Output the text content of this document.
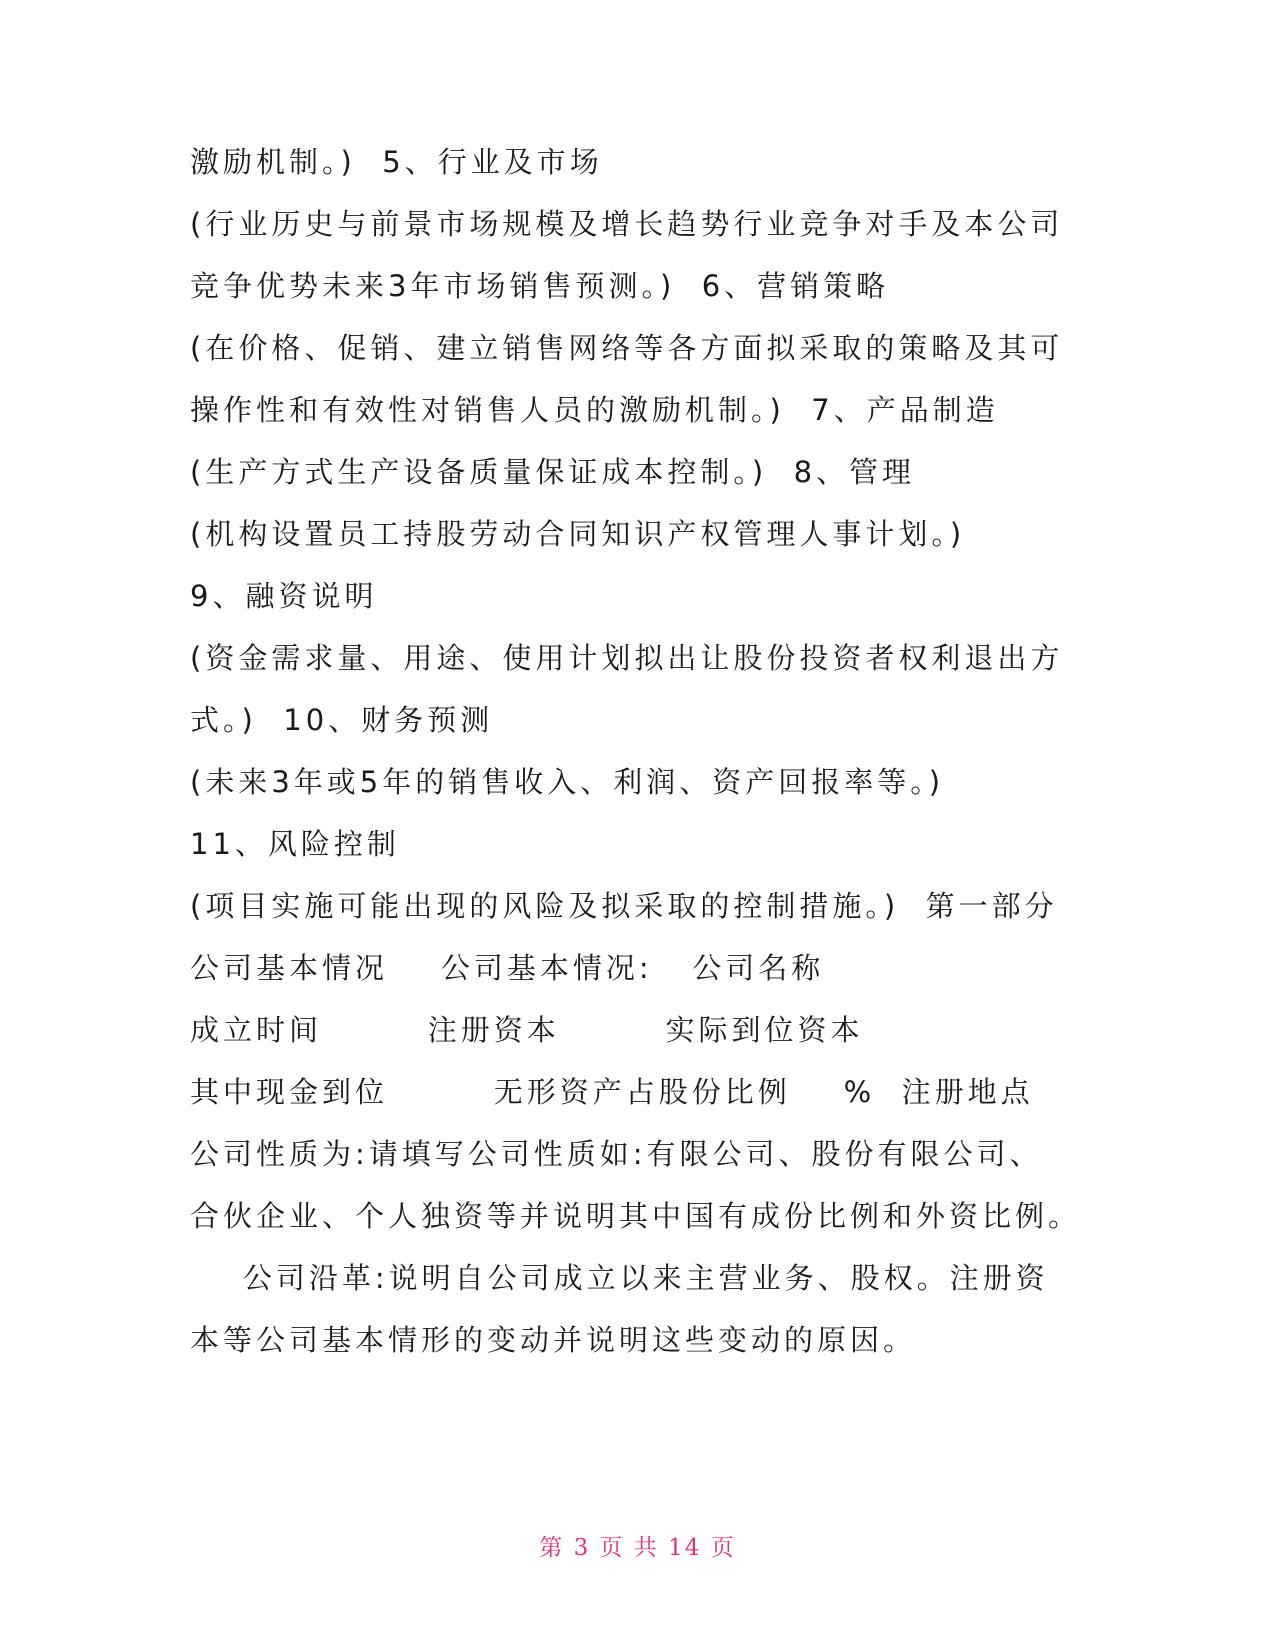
激励机制。)  5、行业及市场
(行业历史与前景市场规模及增长趋势行业竞争对手及本公司
竞争优势未来3年市场销售预测。)  6、营销策略
(在价格、促销、建立销售网络等各方面拟采取的策略及其可
操作性和有效性对销售人员的激励机制。)  7、产品制造
(生产方式生产设备质量保证成本控制。)  8、管理
(机构设置员工持股劳动合同知识产权管理人事计划。)
9、融资说明
(资金需求量、用途、使用计划拟出让股份投资者权利退出方
式。)  10、财务预测
(未来3年或5年的销售收入、利润、资产回报率等。)
11、风险控制
(项目实施可能出现的风险及拟采取的控制措施。)  第一部分
公司基本情况    公司基本情况:   公司名称
成立时间        注册资本        实际到位资本
其中现金到位        无形资产占股份比例    %  注册地点
公司性质为:请填写公司性质如:有限公司、股份有限公司、
合伙企业、个人独资等并说明其中国有成份比例和外资比例。
公司沿革:说明自公司成立以来主营业务、股权。注册资
本等公司基本情形的变动并说明这些变动的原因。
第 3 页 共 14 页
